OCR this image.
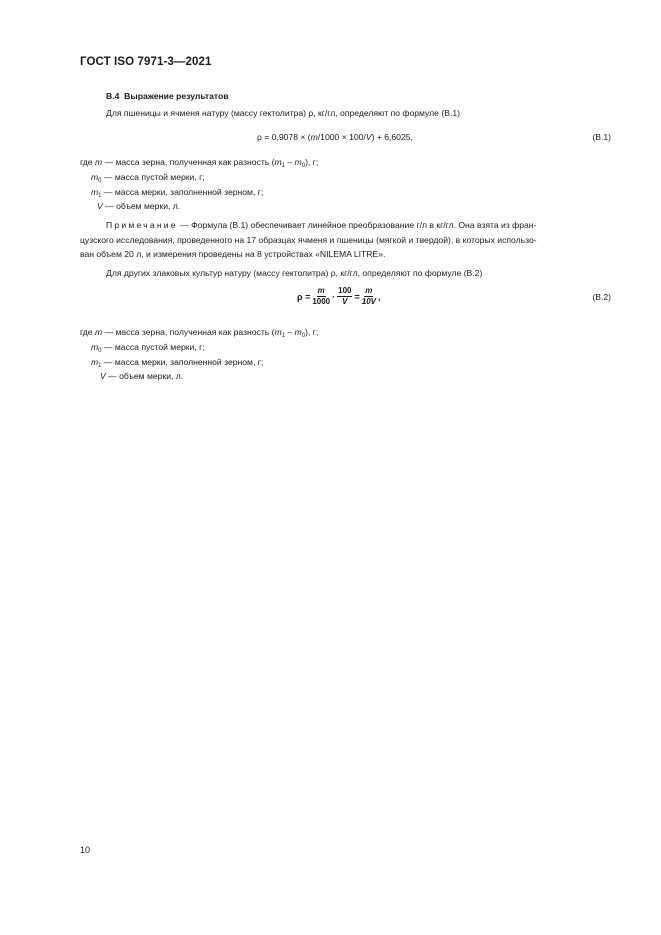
ГОСТ ISO 7971-3—2021
B.4 Выражение результатов
Для пшеницы и ячменя натуру (массу гектолитра) ρ, кг/гл, определяют по формуле (B.1)
ρ = 0,9078 × (m/1000 × 100/V) + 6,6025,	(B.1)
где m — масса зерна, полученная как разность $(m_1 - m_0)$, г;
$m_0$ — масса пустой мерки, г;
$m_1$ — масса мерки, заполненной зерном, г;
V — объем мерки, л.
Примечание — Формула (B.1) обеспечивает линейное преобразование г/л в кг/гл. Она взята из фран-
цузского исследования, проведенного на 17 образцах ячменя и пшеницы (мягкой и твердой), в которых использо-
ван объем 20 л, и измерения проведены на 8 устройствах «NILEMA LITRE».
Для других злаковых культур натуру (массу гектолитра) ρ, кг/гл, определяют по формуле (B.2)
$\rho = \frac{m}{1000} \cdot \frac{100}{V} = \frac{m}{10V}$ ,	(B.2)
где m — масса зерна, полученная как разность $(m_1 - m_0)$, г;
$m_0$ — масса пустой мерки, г;
$m_1$ — масса мерки, заполненной зерном, г;
V — объем мерки, л.
10
